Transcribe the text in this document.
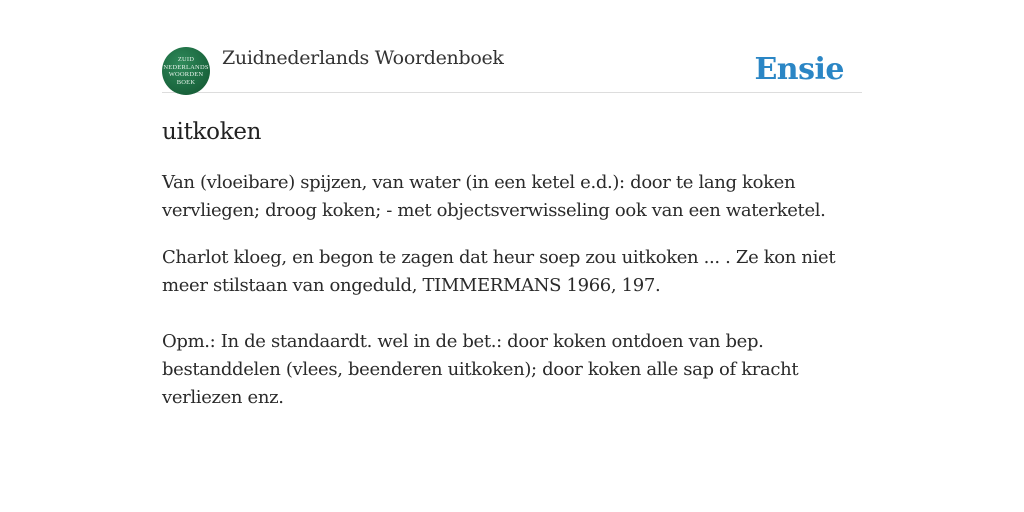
ZUID
NEDERLANDS
WOORDEN
BOEK
Zuidnederlands Woordenboek	Ensie
uitkoken

Van (vloeibare) spijzen, van water (in een ketel e.d.): door te lang koken vervliegen; droog koken; - met objectsverwisseling ook van een waterketel.

Charlot kloeg, en begon te zagen dat heur soep zou uitkoken ... . Ze kon niet meer stilstaan van ongeduld, TIMMERMANS 1966, 197.

Opm.: In de standaardt. wel in de bet.: door koken ontdoen van bep. bestanddelen (vlees, beenderen uitkoken); door koken alle sap of kracht verliezen enz.
